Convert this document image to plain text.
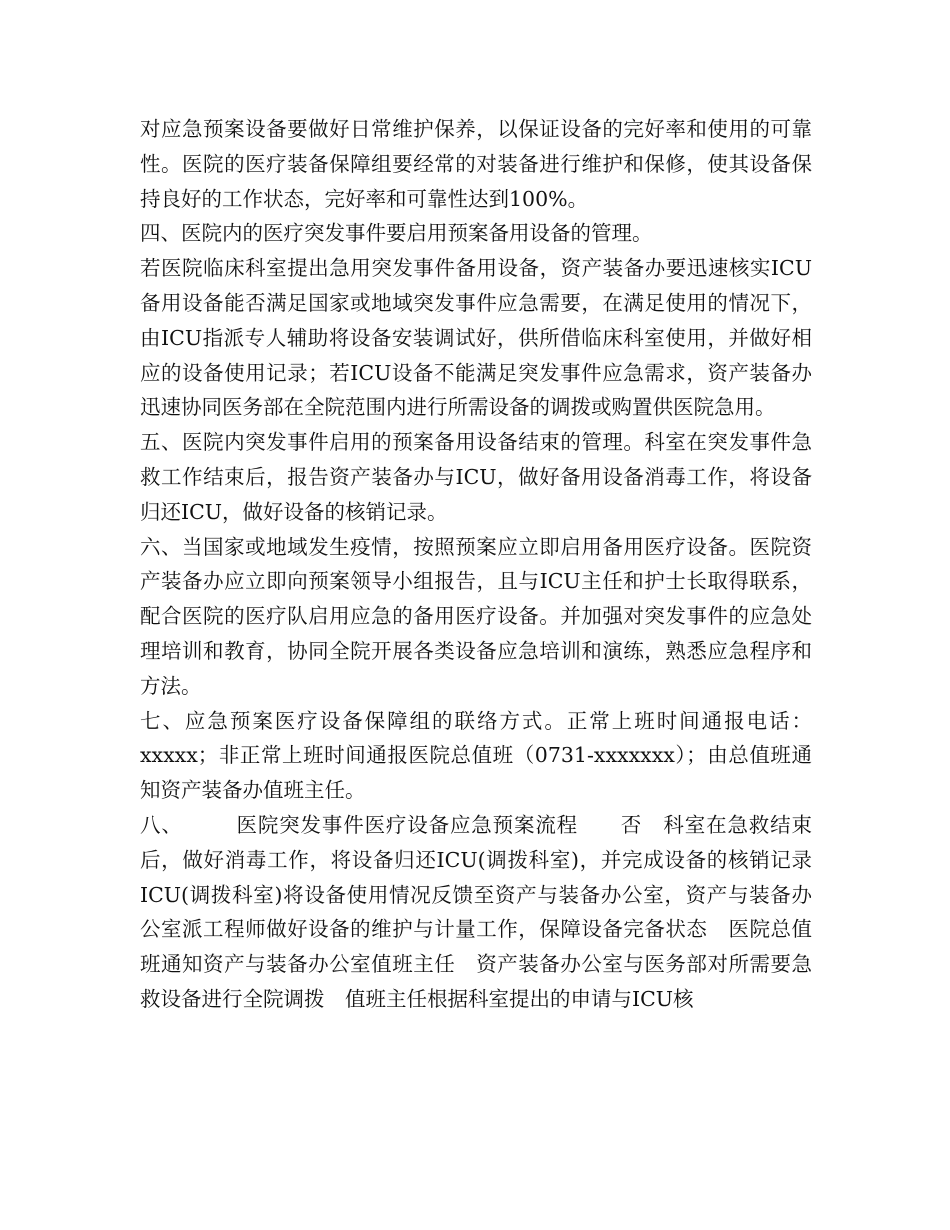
对应急预案设备要做好日常维护保养，以保证设备的完好率和使用的可靠性。医院的医疗装备保障组要经常的对装备进行维护和保修，使其设备保持良好的工作状态，完好率和可靠性达到100%。

四、医院内的医疗突发事件要启用预案备用设备的管理。

若医院临床科室提出急用突发事件备用设备，资产装备办要迅速核实ICU备用设备能否满足国家或地域突发事件应急需要，在满足使用的情况下，由ICU指派专人辅助将设备安装调试好，供所借临床科室使用，并做好相应的设备使用记录；若ICU设备不能满足突发事件应急需求，资产装备办迅速协同医务部在全院范围内进行所需设备的调拨或购置供医院急用。

五、医院内突发事件启用的预案备用设备结束的管理。科室在突发事件急救工作结束后，报告资产装备办与ICU，做好备用设备消毒工作，将设备归还ICU，做好设备的核销记录。

六、当国家或地域发生疫情，按照预案应立即启用备用医疗设备。医院资产装备办应立即向预案领导小组报告，且与ICU主任和护士长取得联系，配合医院的医疗队启用应急的备用医疗设备。并加强对突发事件的应急处理培训和教育，协同全院开展各类设备应急培训和演练，熟悉应急程序和方法。

七、应急预案医疗设备保障组的联络方式。正常上班时间通报电话：xxxxx；非正常上班时间通报医院总值班（0731-xxxxxxx）；由总值班通知资产装备办值班主任。

八、　　　医院突发事件医疗设备应急预案流程　　否　科室在急救结束后，做好消毒工作，将设备归还ICU(调拨科室)，并完成设备的核销记录　ICU(调拨科室)将设备使用情况反馈至资产与装备办公室，资产与装备办公室派工程师做好设备的维护与计量工作，保障设备完备状态　医院总值班通知资产与装备办公室值班主任　资产装备办公室与医务部对所需要急救设备进行全院调拨　值班主任根据科室提出的申请与ICU核
